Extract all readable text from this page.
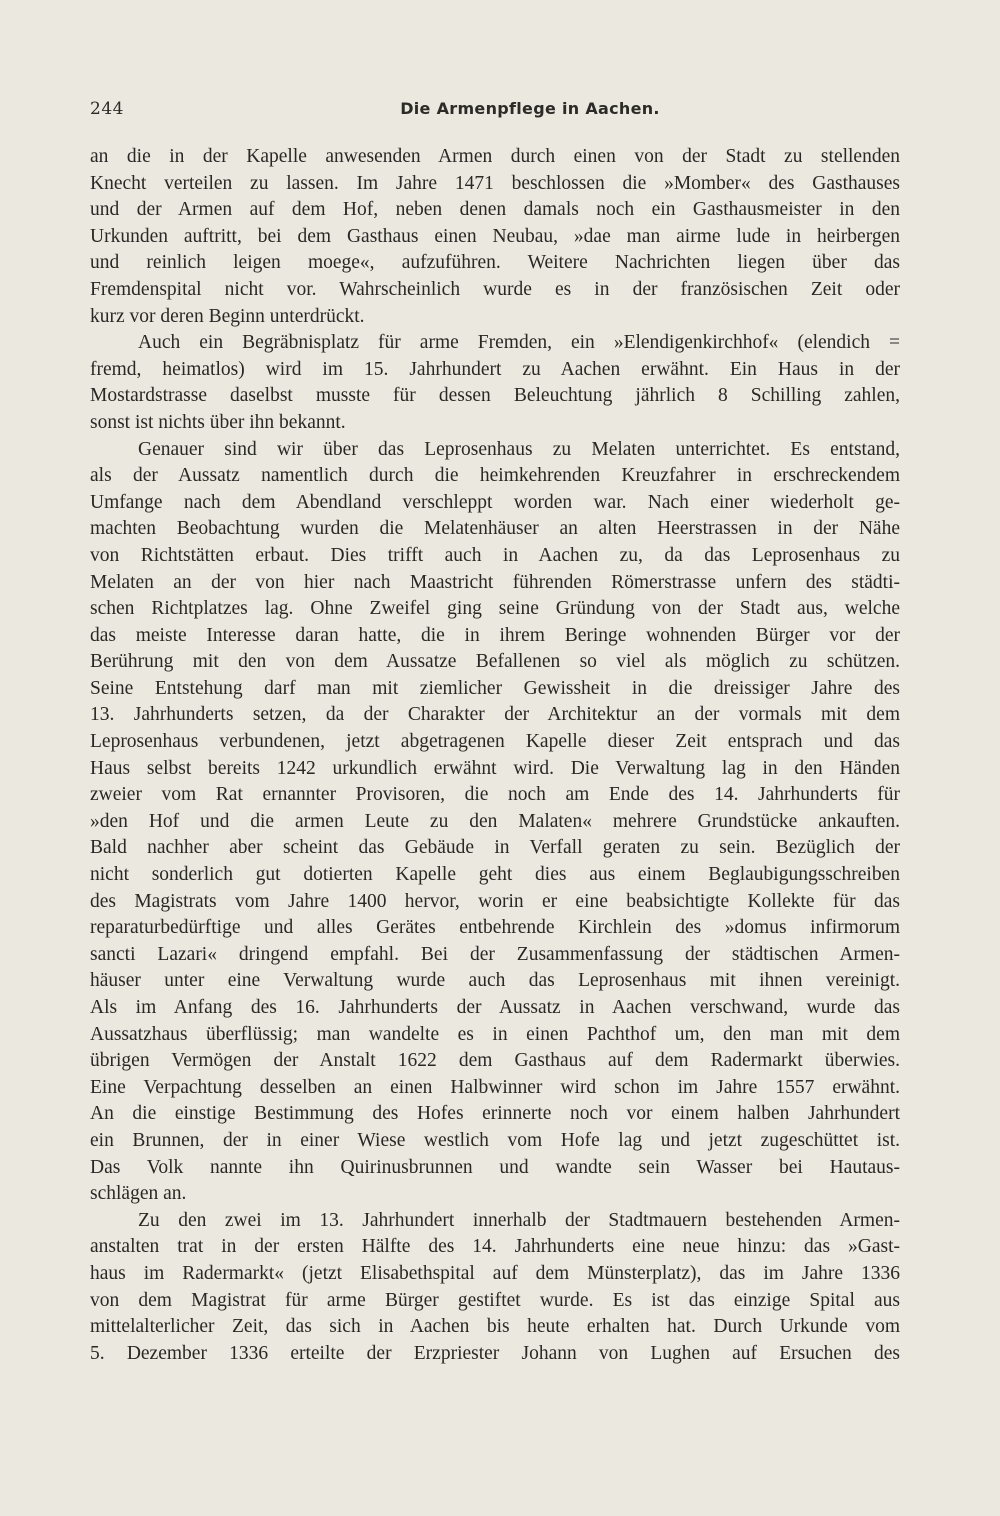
244	Die Armenpflege in Aachen.
an die in der Kapelle anwesenden Armen durch einen von der Stadt zu stellenden
Knecht verteilen zu lassen. Im Jahre 1471 beschlossen die »Momber« des Gasthauses
und der Armen auf dem Hof, neben denen damals noch ein Gasthausmeister in den
Urkunden auftritt, bei dem Gasthaus einen Neubau, »dae man airme lude in heirbergen
und reinlich leigen moege«, aufzuführen. Weitere Nachrichten liegen über das
Fremdenspital nicht vor. Wahrscheinlich wurde es in der französischen Zeit oder
kurz vor deren Beginn unterdrückt.
Auch ein Begräbnisplatz für arme Fremden, ein »Elendigenkirchhof« (elendich =
fremd, heimatlos) wird im 15. Jahrhundert zu Aachen erwähnt. Ein Haus in der
Mostardstrasse daselbst musste für dessen Beleuchtung jährlich 8 Schilling zahlen,
sonst ist nichts über ihn bekannt.
Genauer sind wir über das Leprosenhaus zu Melaten unterrichtet. Es entstand,
als der Aussatz namentlich durch die heimkehrenden Kreuzfahrer in erschreckendem
Umfange nach dem Abendland verschleppt worden war. Nach einer wiederholt ge-
machten Beobachtung wurden die Melatenhäuser an alten Heerstrassen in der Nähe
von Richtstätten erbaut. Dies trifft auch in Aachen zu, da das Leprosenhaus zu
Melaten an der von hier nach Maastricht führenden Römerstrasse unfern des städti-
schen Richtplatzes lag. Ohne Zweifel ging seine Gründung von der Stadt aus, welche
das meiste Interesse daran hatte, die in ihrem Beringe wohnenden Bürger vor der
Berührung mit den von dem Aussatze Befallenen so viel als möglich zu schützen.
Seine Entstehung darf man mit ziemlicher Gewissheit in die dreissiger Jahre des
13. Jahrhunderts setzen, da der Charakter der Architektur an der vormals mit dem
Leprosenhaus verbundenen, jetzt abgetragenen Kapelle dieser Zeit entsprach und das
Haus selbst bereits 1242 urkundlich erwähnt wird. Die Verwaltung lag in den Händen
zweier vom Rat ernannter Provisoren, die noch am Ende des 14. Jahrhunderts für
»den Hof und die armen Leute zu den Malaten« mehrere Grundstücke ankauften.
Bald nachher aber scheint das Gebäude in Verfall geraten zu sein. Bezüglich der
nicht sonderlich gut dotierten Kapelle geht dies aus einem Beglaubigungsschreiben
des Magistrats vom Jahre 1400 hervor, worin er eine beabsichtigte Kollekte für das
reparaturbedürftige und alles Gerätes entbehrende Kirchlein des »domus infirmorum
sancti Lazari« dringend empfahl. Bei der Zusammenfassung der städtischen Armen-
häuser unter eine Verwaltung wurde auch das Leprosenhaus mit ihnen vereinigt.
Als im Anfang des 16. Jahrhunderts der Aussatz in Aachen verschwand, wurde das
Aussatzhaus überflüssig; man wandelte es in einen Pachthof um, den man mit dem
übrigen Vermögen der Anstalt 1622 dem Gasthaus auf dem Radermarkt überwies.
Eine Verpachtung desselben an einen Halbwinner wird schon im Jahre 1557 erwähnt.
An die einstige Bestimmung des Hofes erinnerte noch vor einem halben Jahrhundert
ein Brunnen, der in einer Wiese westlich vom Hofe lag und jetzt zugeschüttet ist.
Das Volk nannte ihn Quirinusbrunnen und wandte sein Wasser bei Hautaus-
schlägen an.
Zu den zwei im 13. Jahrhundert innerhalb der Stadtmauern bestehenden Armen-
anstalten trat in der ersten Hälfte des 14. Jahrhunderts eine neue hinzu: das »Gast-
haus im Radermarkt« (jetzt Elisabethspital auf dem Münsterplatz), das im Jahre 1336
von dem Magistrat für arme Bürger gestiftet wurde. Es ist das einzige Spital aus
mittelalterlicher Zeit, das sich in Aachen bis heute erhalten hat. Durch Urkunde vom
5. Dezember 1336 erteilte der Erzpriester Johann von Lughen auf Ersuchen des
